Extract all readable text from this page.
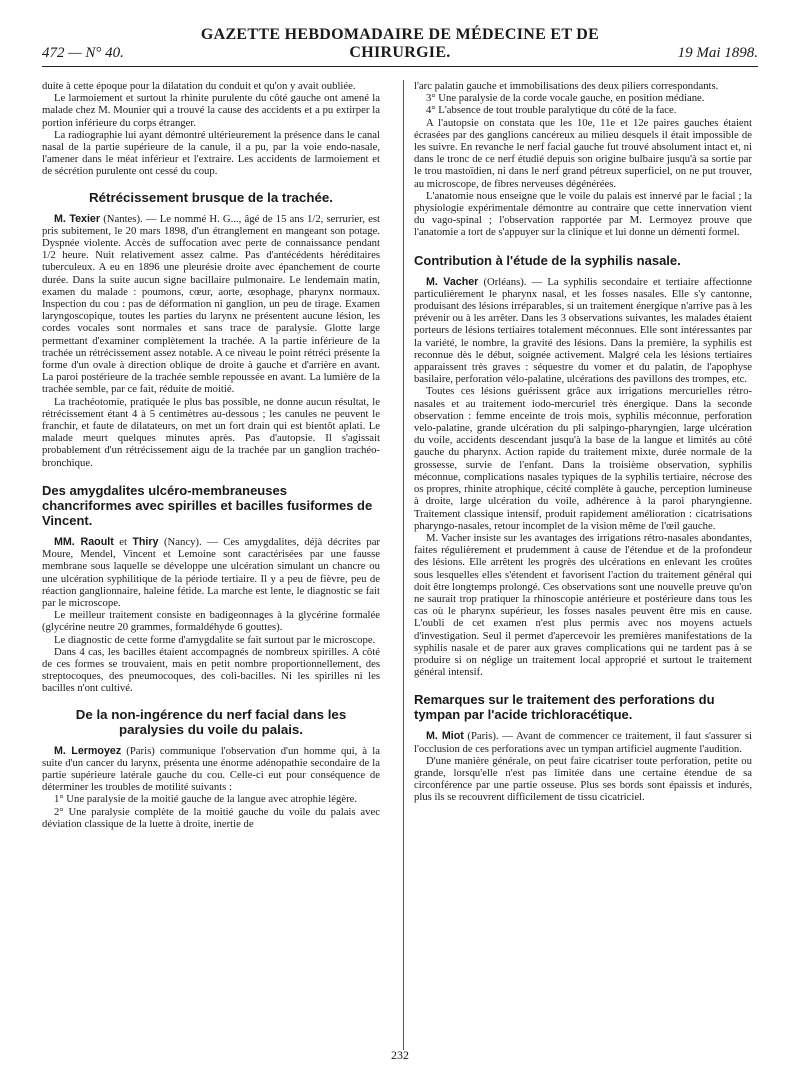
472 — N° 40.
GAZETTE HEBDOMADAIRE DE MÉDECINE ET DE CHIRURGIE.	19 Mai 1898.

duite à cette époque pour la dilatation du conduit et qu'on y avait oubliée.

Le larmoiement et surtout la rhinite purulente du côté gauche ont amené la malade chez M. Mounier qui a trouvé la cause des accidents et a pu extirper la portion inférieure du corps étranger.

La radiographie lui ayant démontré ultérieurement la présence dans le canal nasal de la partie supérieure de la canule, il a pu, par la voie endo-nasale, l'amener dans le méat inférieur et l'extraire. Les accidents de larmoiement et de sécrétion purulente ont cessé du coup.

Rétrécissement brusque de la trachée.

M. Texier (Nantes). — Le nommé H. G..., âgé de 15 ans 1/2, serrurier, est pris subitement, le 20 mars 1898, d'un étranglement en mangeant son potage. Dyspnée violente. Accès de suffocation avec perte de connaissance pendant 1/2 heure. Nuit relativement assez calme. Pas d'antécédents héréditaires tuberculeux. A eu en 1896 une pleurésie droite avec épanchement de courte durée. Dans la suite aucun signe bacillaire pulmonaire. Le lendemain matin, examen du malade : poumons, cœur, aorte, œsophage, pharynx normaux. Inspection du cou : pas de déformation ni ganglion, un peu de tirage. Examen laryngoscopique, toutes les parties du larynx ne présentent aucune lésion, les cordes vocales sont normales et sans trace de paralysie. Glotte large permettant d'examiner complètement la trachée. A la partie inférieure de la trachée un rétrécissement assez notable. A ce niveau le point rétréci présente la forme d'un ovale à direction oblique de droite à gauche et d'arrière en avant. La paroi postérieure de la trachée semble repoussée en avant. La lumière de la trachée semble, par ce fait, réduite de moitié.

La trachéotomie, pratiquée le plus bas possible, ne donne aucun résultat, le rétrécissement étant 4 à 5 centimètres au-dessous ; les canules ne peuvent le franchir, et faute de dilatateurs, on met un fort drain qui est bientôt aplati. Le malade meurt quelques minutes après. Pas d'autopsie. Il s'agissait probablement d'un rétrécissement aigu de la trachée par un ganglion trachéo-bronchique.

Des amygdalites ulcéro-membraneuses chancriformes avec spirilles et bacilles fusiformes de Vincent.

MM. Raoult et Thiry (Nancy). — Ces amygdalites, déjà décrites par Moure, Mendel, Vincent et Lemoine sont caractérisées par une fausse membrane sous laquelle se développe une ulcération simulant un chancre ou une ulcération syphilitique de la période tertiaire. Il y a peu de fièvre, peu de réaction ganglionnaire, haleine fétide. La marche est lente, le diagnostic se fait par le microscope.

Le meilleur traitement consiste en badigeonnages à la glycérine formalée (glycérine neutre 20 grammes, formaldéhyde 6 gouttes).

Le diagnostic de cette forme d'amygdalite se fait surtout par le microscope.

Dans 4 cas, les bacilles étaient accompagnés de nombreux spirilles. A côté de ces formes se trouvaient, mais en petit nombre proportionnellement, des streptocoques, des pneumocoques, des coli-bacilles. Ni les spirilles ni les bacilles n'ont cultivé.

De la non-ingérence du nerf facial dans les paralysies du voile du palais.

M. Lermoyez (Paris) communique l'observation d'un homme qui, à la suite d'un cancer du larynx, présenta une énorme adénopathie secondaire de la partie supérieure latérale gauche du cou. Celle-ci eut pour conséquence de déterminer les troubles de motilité suivants :

1° Une paralysie de la moitié gauche de la langue avec atrophie légère.

2° Une paralysie complète de la moitié gauche du voile du palais avec déviation classique de la luette à droite, inertie de

l'arc palatin gauche et immobilisations des deux piliers correspondants.

3° Une paralysie de la corde vocale gauche, en position médiane.

4° L'absence de tout trouble paralytique du côté de la face.

A l'autopsie on constata que les 10e, 11e et 12e paires gauches étaient écrasées par des ganglions cancéreux au milieu desquels il était impossible de les suivre. En revanche le nerf facial gauche fut trouvé absolument intact et, ni dans le tronc de ce nerf étudié depuis son origine bulbaire jusqu'à sa sortie par le trou mastoïdien, ni dans le nerf grand pétreux superficiel, on ne put trouver, au microscope, de fibres nerveuses dégénérées.

L'anatomie nous enseigne que le voile du palais est innervé par le facial ; la physiologie expérimentale démontre au contraire que cette innervation vient du vago-spinal ; l'observation rapportée par M. Lermoyez prouve que l'anatomie a tort de s'appuyer sur la clinique et lui donne un démenti formel.

Contribution à l'étude de la syphilis nasale.

M. Vacher (Orléans). — La syphilis secondaire et tertiaire affectionne particulièrement le pharynx nasal, et les fosses nasales. Elle s'y cantonne, produisant des lésions irréparables, si un traitement énergique n'arrive pas à les prévenir ou à les arrêter. Dans les 3 observations suivantes, les malades étaient porteurs de lésions tertiaires totalement méconnues. Elle sont intéressantes par la variété, le nombre, la gravité des lésions. Dans la première, la syphilis est reconnue dès le début, soignée activement. Malgré cela les lésions tertiaires apparaissent très graves : séquestre du vomer et du palatin, de l'apophyse basilaire, perforation vélo-palatine, ulcérations des pavillons des trompes, etc.

Toutes ces lésions guérissent grâce aux irrigations mercurielles rétro-nasales et au traitement iodo-mercuriel très énergique. Dans la seconde observation : femme enceinte de trois mois, syphilis méconnue, perforation velo-palatine, grande ulcération du pli salpingo-pharyngien, large ulcération du voile, accidents descendant jusqu'à la base de la langue et limités au côté gauche du pharynx. Action rapide du traitement mixte, durée normale de la grossesse, survie de l'enfant. Dans la troisième observation, syphilis méconnue, complications nasales typiques de la syphilis tertiaire, nécrose des os propres, rhinite atrophique, cécité complète à gauche, perception lumineuse à droite, large ulcération du voile, adhérence à la paroi pharyngienne. Traitement classique intensif, produit rapidement amélioration : cicatrisations pharyngo-nasales, retour incomplet de la vision même de l'œil gauche.

M. Vacher insiste sur les avantages des irrigations rétro-nasales abondantes, faites régulièrement et prudemment à cause de l'étendue et de la profondeur des lésions. Elle arrêtent les progrès des ulcérations en enlevant les croûtes sous lesquelles elles s'étendent et favorisent l'action du traitement général qui doit être longtemps prolongé. Ces observations sont une nouvelle preuve qu'on ne saurait trop pratiquer la rhinoscopie antérieure et postérieure dans tous les cas où le pharynx supérieur, les fosses nasales peuvent être mis en cause. L'oubli de cet examen n'est plus permis avec nos moyens actuels d'investigation. Seul il permet d'apercevoir les premières manifestations de la syphilis nasale et de parer aux graves complications qui ne tardent pas à se produire si on néglige un traitement local approprié et surtout le traitement général intensif.

Remarques sur le traitement des perforations du tympan par l'acide trichloracétique.

M. Miot (Paris). — Avant de commencer ce traitement, il faut s'assurer si l'occlusion de ces perforations avec un tympan artificiel augmente l'audition.

D'une manière générale, on peut faire cicatriser toute perforation, petite ou grande, lorsqu'elle n'est pas limitée dans une certaine étendue de sa circonférence par une partie osseuse. Plus ses bords sont épaissis et indurés, plus ils se recouvrent difficilement de tissu cicatriciel.

232
